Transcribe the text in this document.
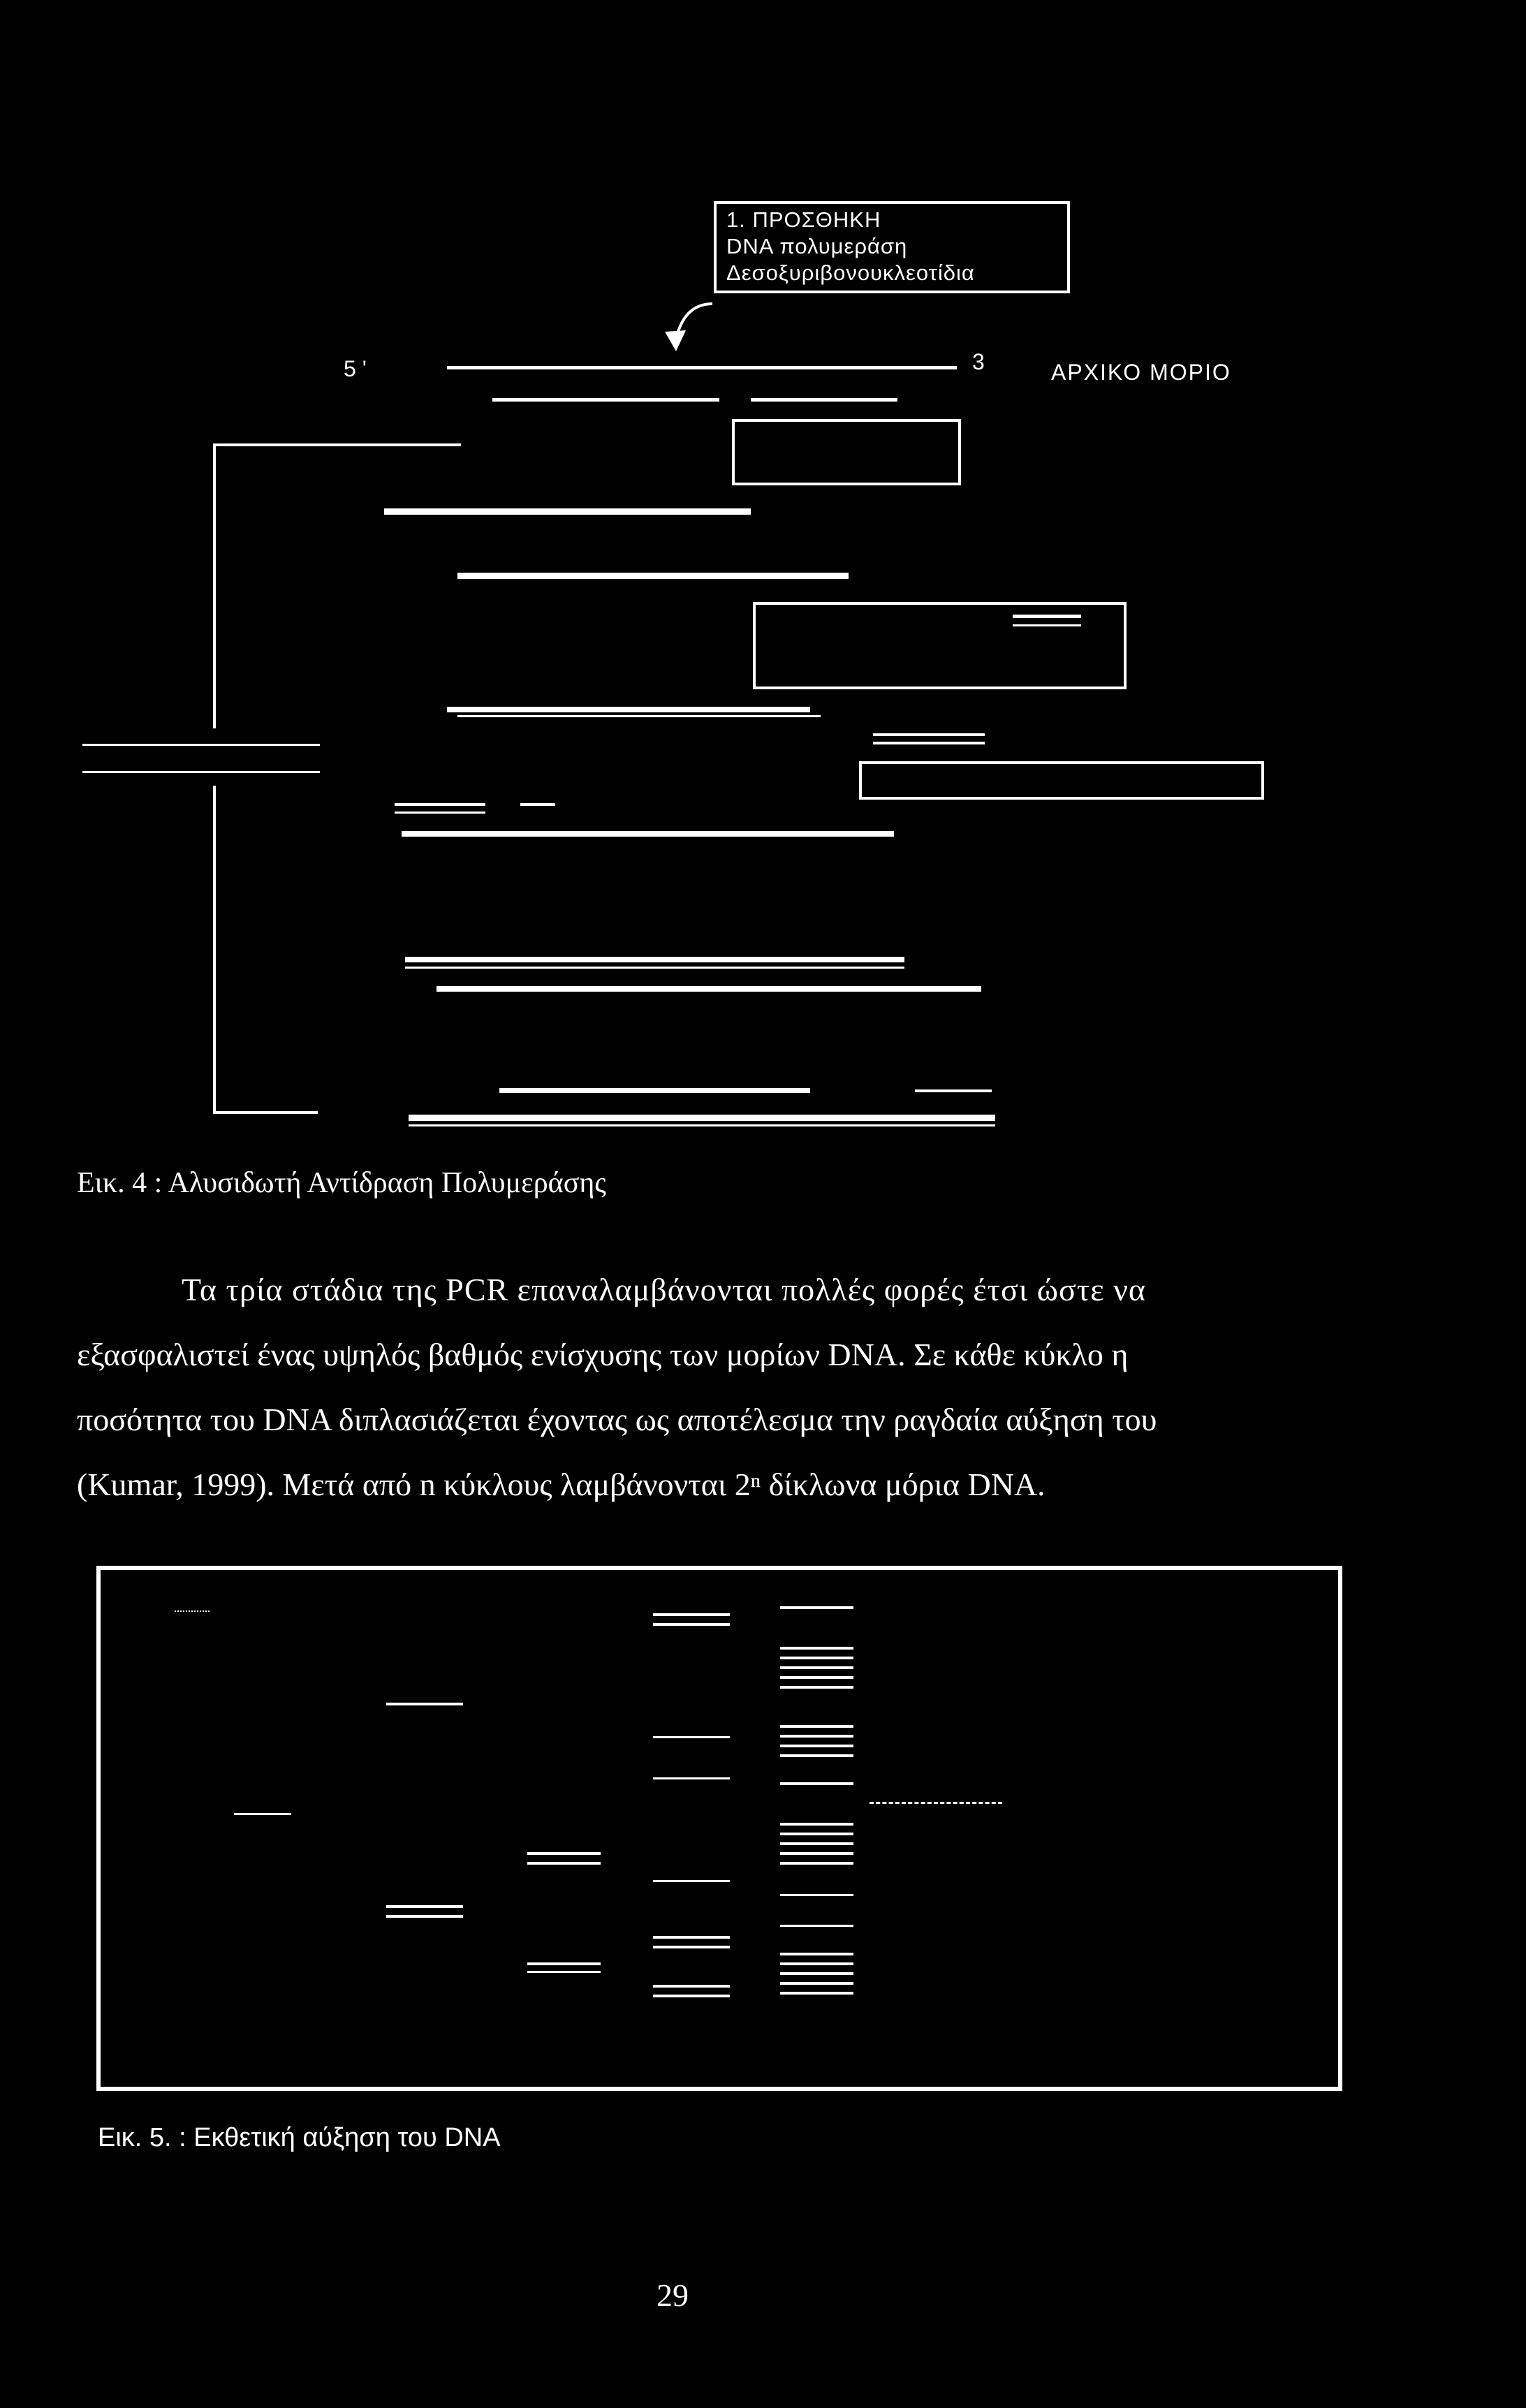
1. ΠΡΟΣΘΗΚΗ
DNA πολυμεράση
Δεσοξυριβονουκλεοτίδια
5 '	3	ΑΡΧΙΚΟ ΜΟΡΙΟ
Εικ. 4 : Αλυσιδωτή Αντίδραση Πολυμεράσης
Τα τρία στάδια της PCR επαναλαμβάνονται πολλές φορές έτσι ώστε να
εξασφαλιστεί ένας υψηλός βαθμός ενίσχυσης των μορίων DNA. Σε κάθε κύκλο η
ποσότητα του DNA διπλασιάζεται έχοντας ως αποτέλεσμα την ραγδαία αύξηση του
(Kumar, 1999). Μετά από n κύκλους λαμβάνονται 2ⁿ δίκλωνα μόρια DNA.
Εικ. 5. : Εκθετική αύξηση του DNA
29
